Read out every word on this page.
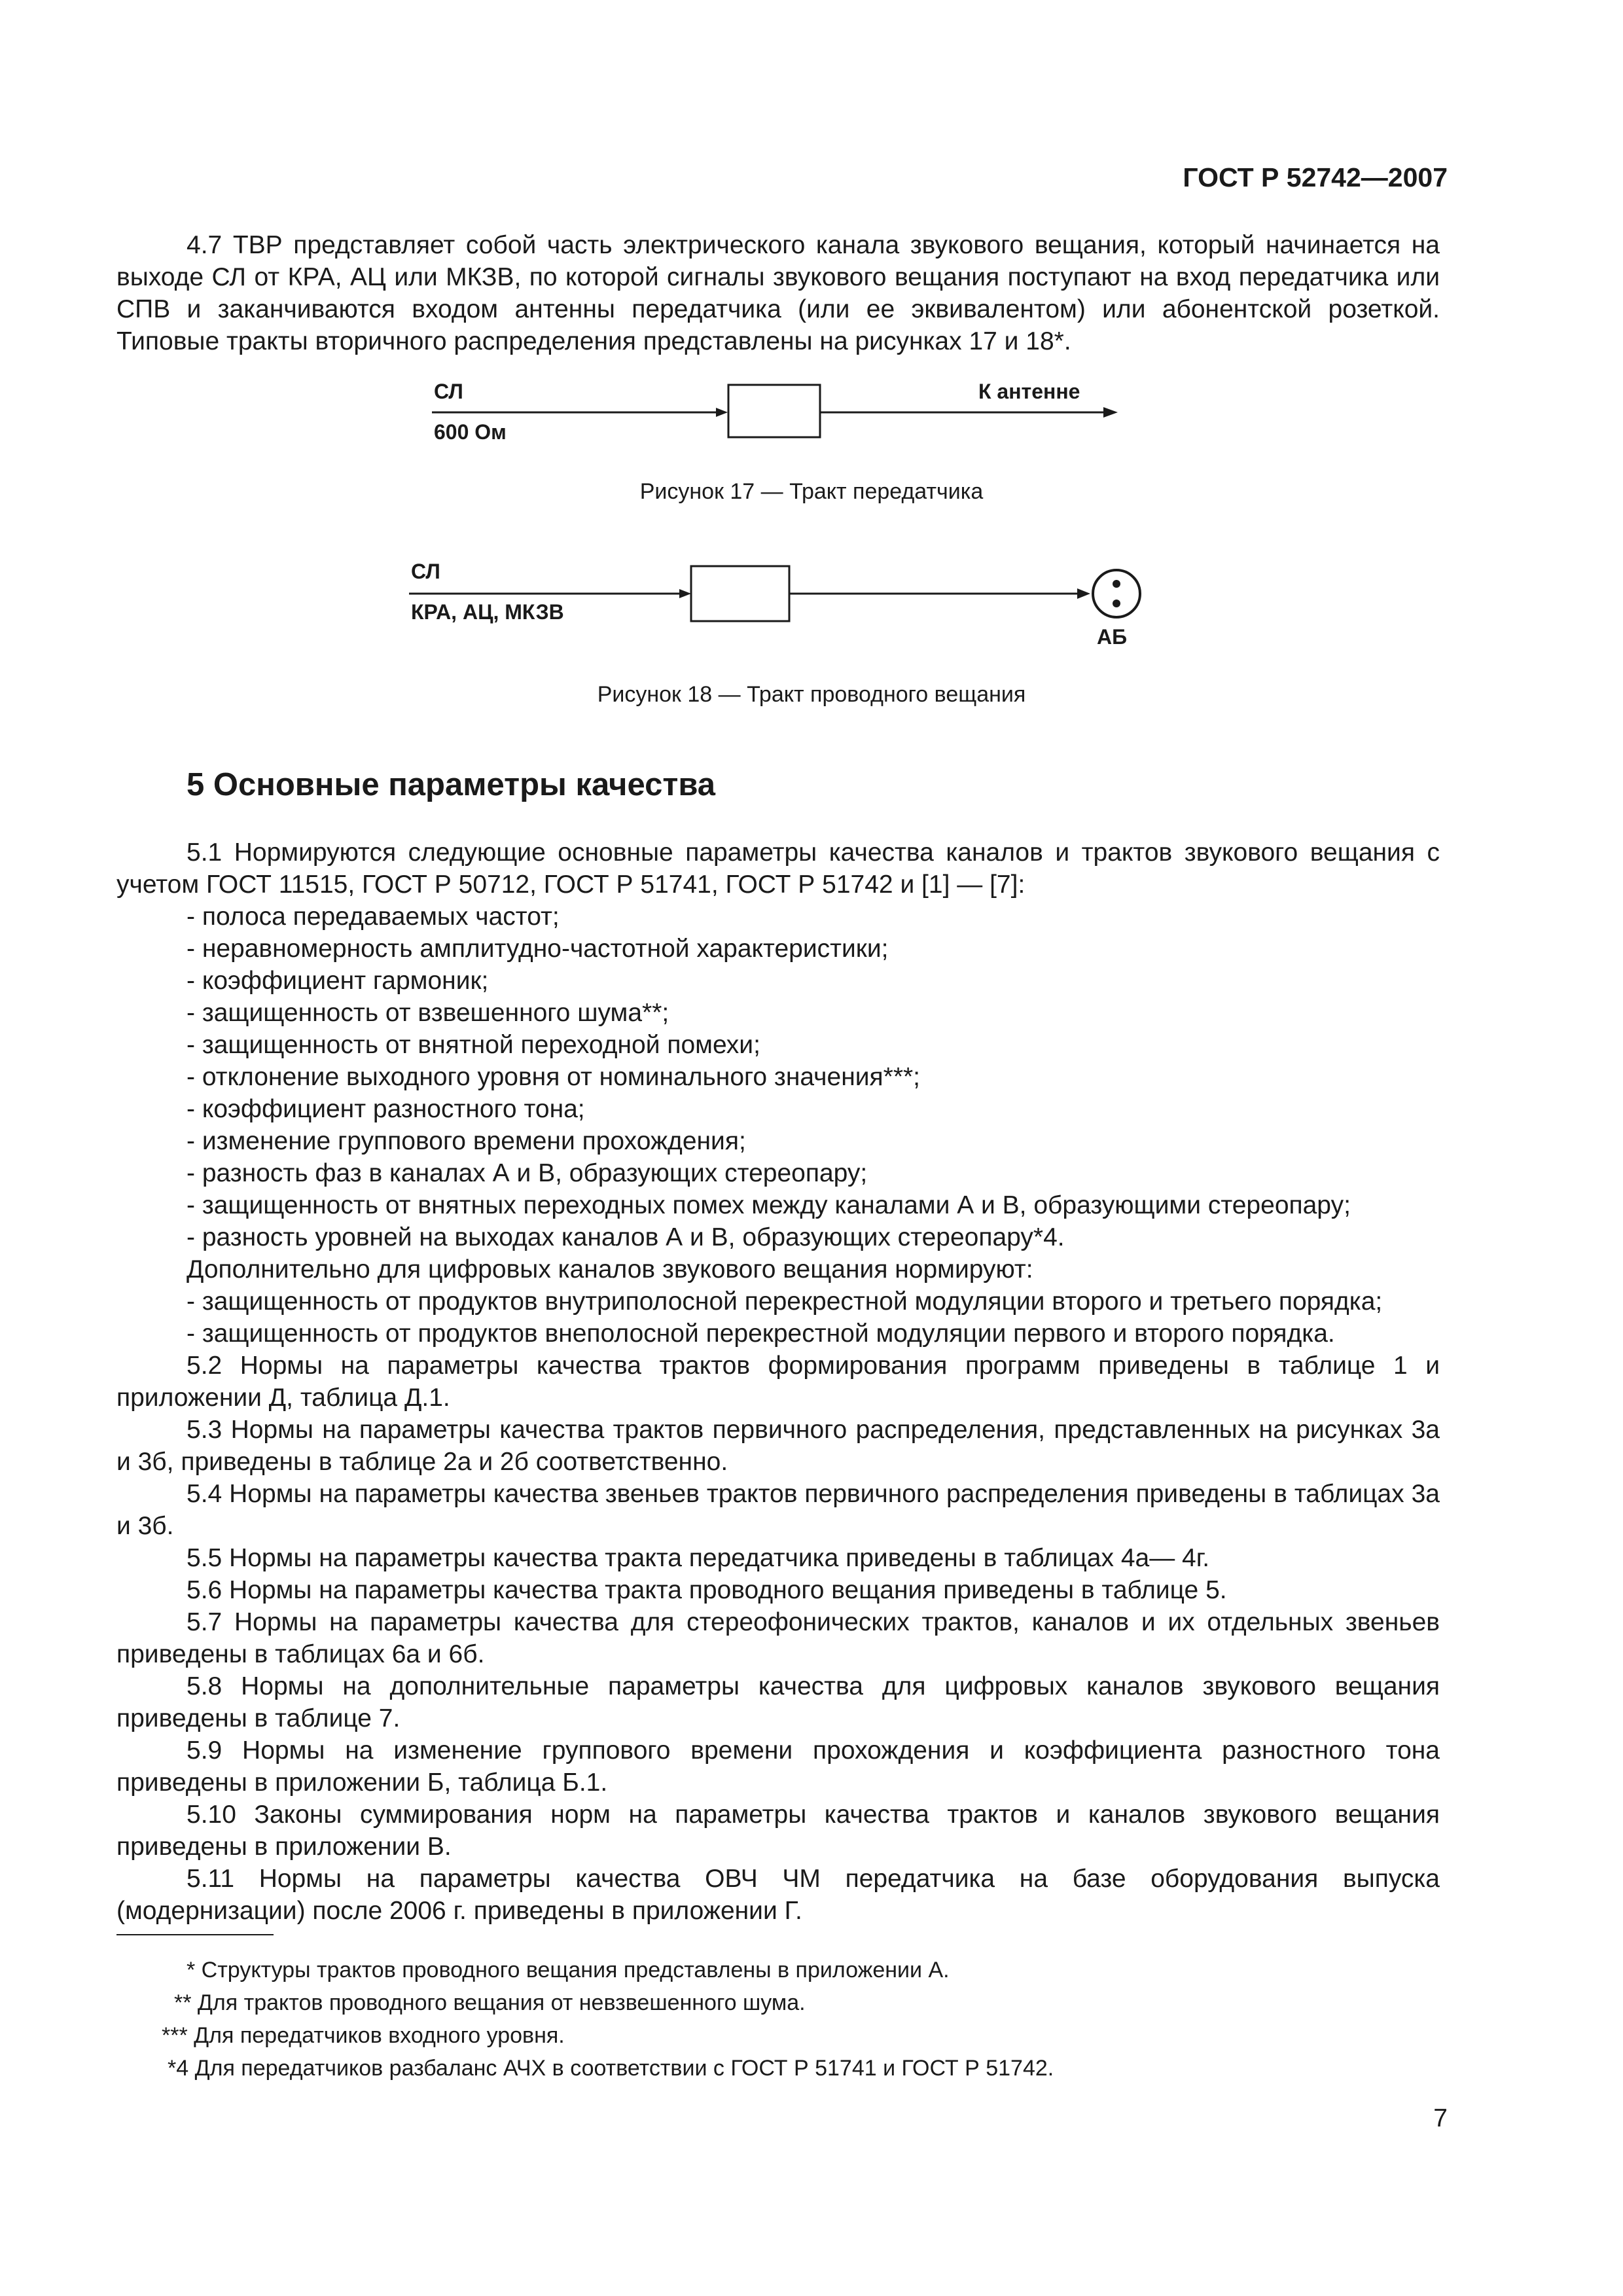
ГОСТ Р 52742—2007

4.7 ТВР представляет собой часть электрического канала звукового вещания, который начинается на выходе СЛ от КРА, АЦ или МКЗВ, по которой сигналы звукового вещания поступают на вход передатчика или СПВ и заканчиваются входом антенны передатчика (или ее эквивалентом) или абонентской розеткой. Типовые тракты вторичного распределения представлены на рисунках 17 и 18*.

СЛ
600 Ом
К антенне
Рисунок 17 — Тракт передатчика
СЛ
КРА, АЦ, МКЗВ
АБ
Рисунок 18 — Тракт проводного вещания
5 Основные параметры качества

5.1 Нормируются следующие основные параметры качества каналов и трактов звукового вещания с учетом ГОСТ 11515, ГОСТ Р 50712, ГОСТ Р 51741, ГОСТ Р 51742 и [1] — [7]:

- полоса передаваемых частот;

- неравномерность амплитудно-частотной характеристики;

- коэффициент гармоник;

- защищенность от взвешенного шума**;

- защищенность от внятной переходной помехи;

- отклонение выходного уровня от номинального значения***;

- коэффициент разностного тона;

- изменение группового времени прохождения;

- разность фаз в каналах А и В, образующих стереопару;

- защищенность от внятных переходных помех между каналами А и В, образующими стереопару;

- разность уровней на выходах каналов А и В, образующих стереопару*4.

Дополнительно для цифровых каналов звукового вещания нормируют:

- защищенность от продуктов внутриполосной перекрестной модуляции второго и третьего порядка;

- защищенность от продуктов внеполосной перекрестной модуляции первого и второго порядка.

5.2 Нормы на параметры качества трактов формирования программ приведены в таблице 1 и приложении Д, таблица Д.1.

5.3 Нормы на параметры качества трактов первичного распределения, представленных на рисунках 3а и 3б, приведены в таблице 2а и 2б соответственно.

5.4 Нормы на параметры качества звеньев трактов первичного распределения приведены в таблицах 3а и 3б.

5.5 Нормы на параметры качества тракта передатчика приведены в таблицах 4а— 4г.

5.6 Нормы на параметры качества тракта проводного вещания приведены в таблице 5.

5.7 Нормы на параметры качества для стереофонических трактов, каналов и их отдельных звеньев приведены в таблицах 6а и 6б.

5.8 Нормы на дополнительные параметры качества для цифровых каналов звукового вещания приведены в таблице 7.

5.9 Нормы на изменение группового времени прохождения и коэффициента разностного тона приведены в приложении Б, таблица Б.1.

5.10 Законы суммирования норм на параметры качества трактов и каналов звукового вещания приведены в приложении В.

5.11 Нормы на параметры качества ОВЧ ЧМ передатчика на базе оборудования выпуска (модернизации) после 2006 г. приведены в приложении Г.

* Структуры трактов проводного вещания представлены в приложении А.

** Для трактов проводного вещания от невзвешенного шума.

*** Для передатчиков входного уровня.

*4 Для передатчиков разбаланс АЧХ в соответствии с ГОСТ Р 51741 и ГОСТ Р 51742.

7
